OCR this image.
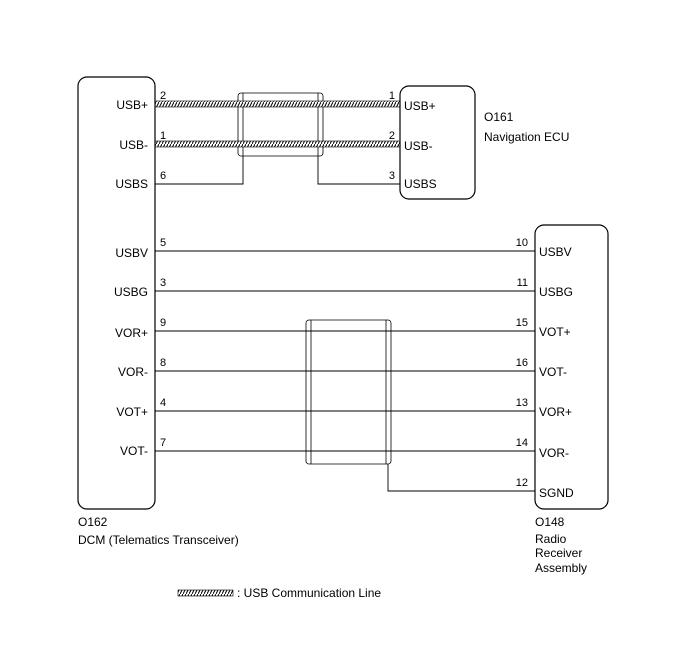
USB+
USB-
USBS
USBV
USBG
VOR+
VOR-
VOT+
VOT-
2
1
6
5
3
9
8
4
7
USB+
USB-
USBS
1
2
3
USBV
USBG
VOT+
VOT-
VOR+
VOR-
SGND
10
11
15
16
13
14
12
O161
Navigation ECU
O162
DCM (Telematics Transceiver)
O148
Radio
Receiver
Assembly
: USB Communication Line
